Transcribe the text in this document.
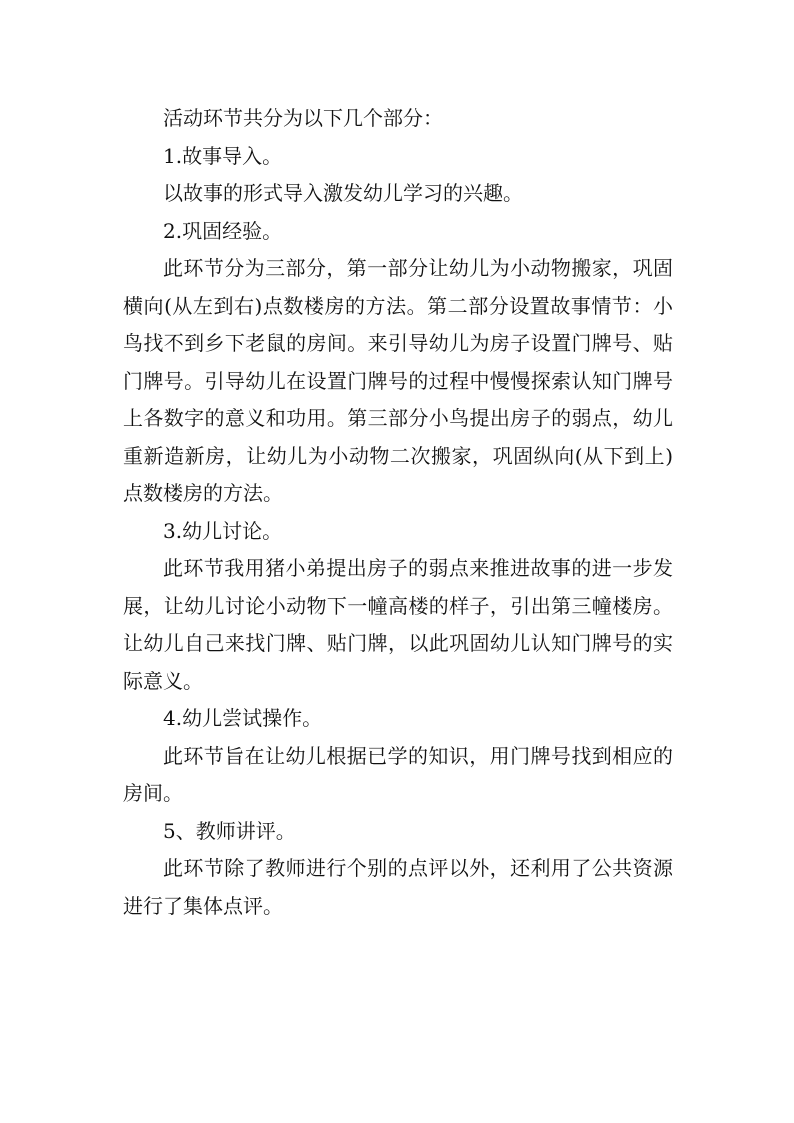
活动环节共分为以下几个部分：

1.故事导入。

以故事的形式导入激发幼儿学习的兴趣。

2.巩固经验。

此环节分为三部分，第一部分让幼儿为小动物搬家，巩固横向(从左到右)点数楼房的方法。第二部分设置故事情节：小鸟找不到乡下老鼠的房间。来引导幼儿为房子设置门牌号、贴门牌号。引导幼儿在设置门牌号的过程中慢慢探索认知门牌号上各数字的意义和功用。第三部分小鸟提出房子的弱点，幼儿重新造新房，让幼儿为小动物二次搬家，巩固纵向(从下到上)点数楼房的方法。

3.幼儿讨论。

此环节我用猪小弟提出房子的弱点来推进故事的进一步发展，让幼儿讨论小动物下一幢高楼的样子，引出第三幢楼房。让幼儿自己来找门牌、贴门牌，以此巩固幼儿认知门牌号的实际意义。

4.幼儿尝试操作。

此环节旨在让幼儿根据已学的知识，用门牌号找到相应的房间。

5、教师讲评。

此环节除了教师进行个别的点评以外，还利用了公共资源进行了集体点评。
